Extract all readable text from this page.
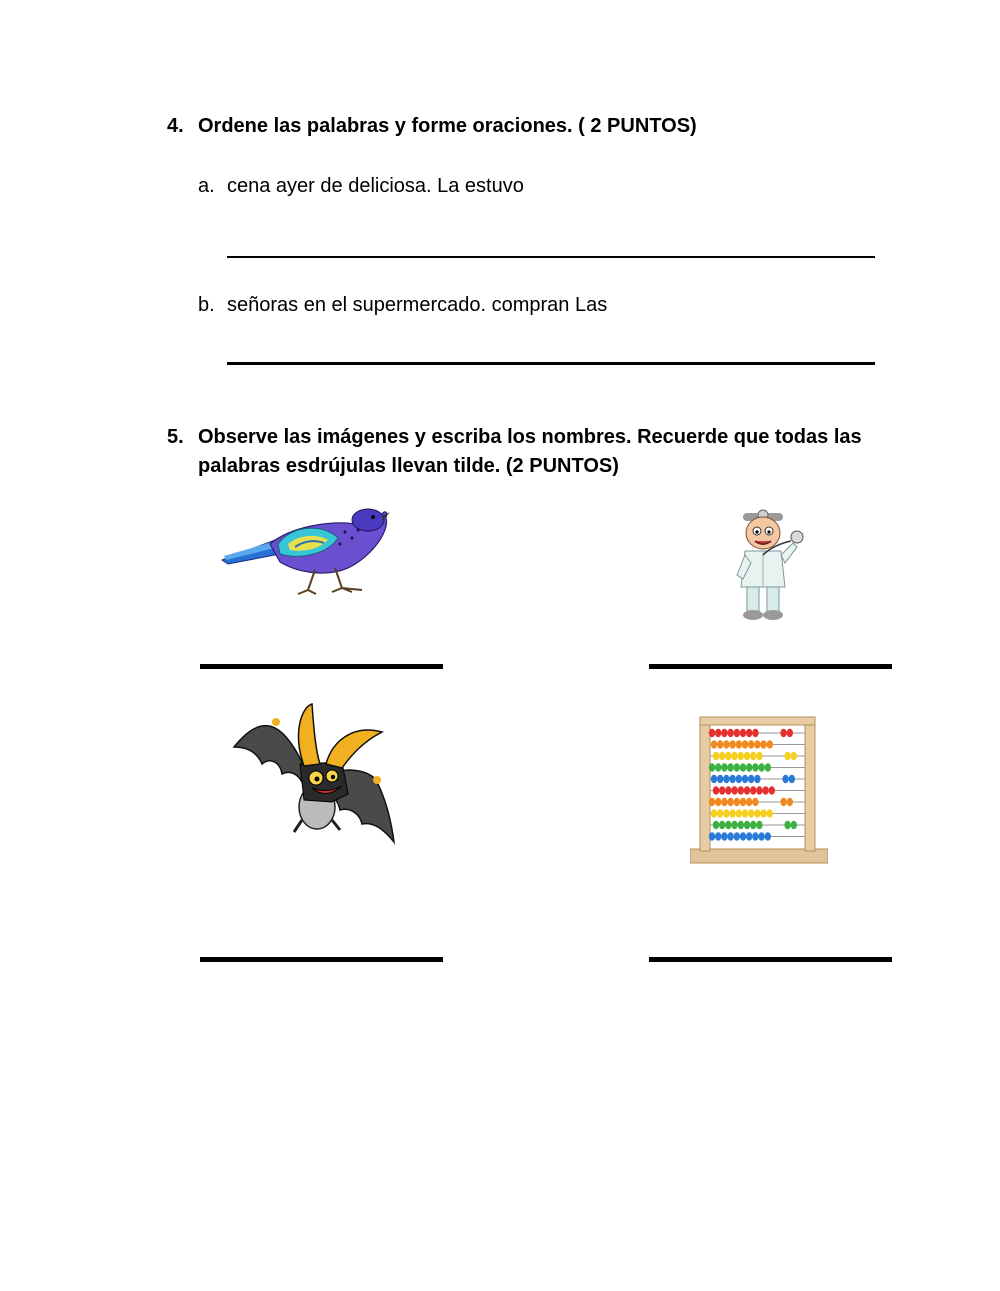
4. Ordene las palabras y forme oraciones. ( 2 PUNTOS)
a. cena ayer de deliciosa. La estuvo
b. señoras en el supermercado. compran Las
5. Observe las imágenes y escriba los nombres. Recuerde que todas las
palabras esdrújulas llevan tilde. (2 PUNTOS)
